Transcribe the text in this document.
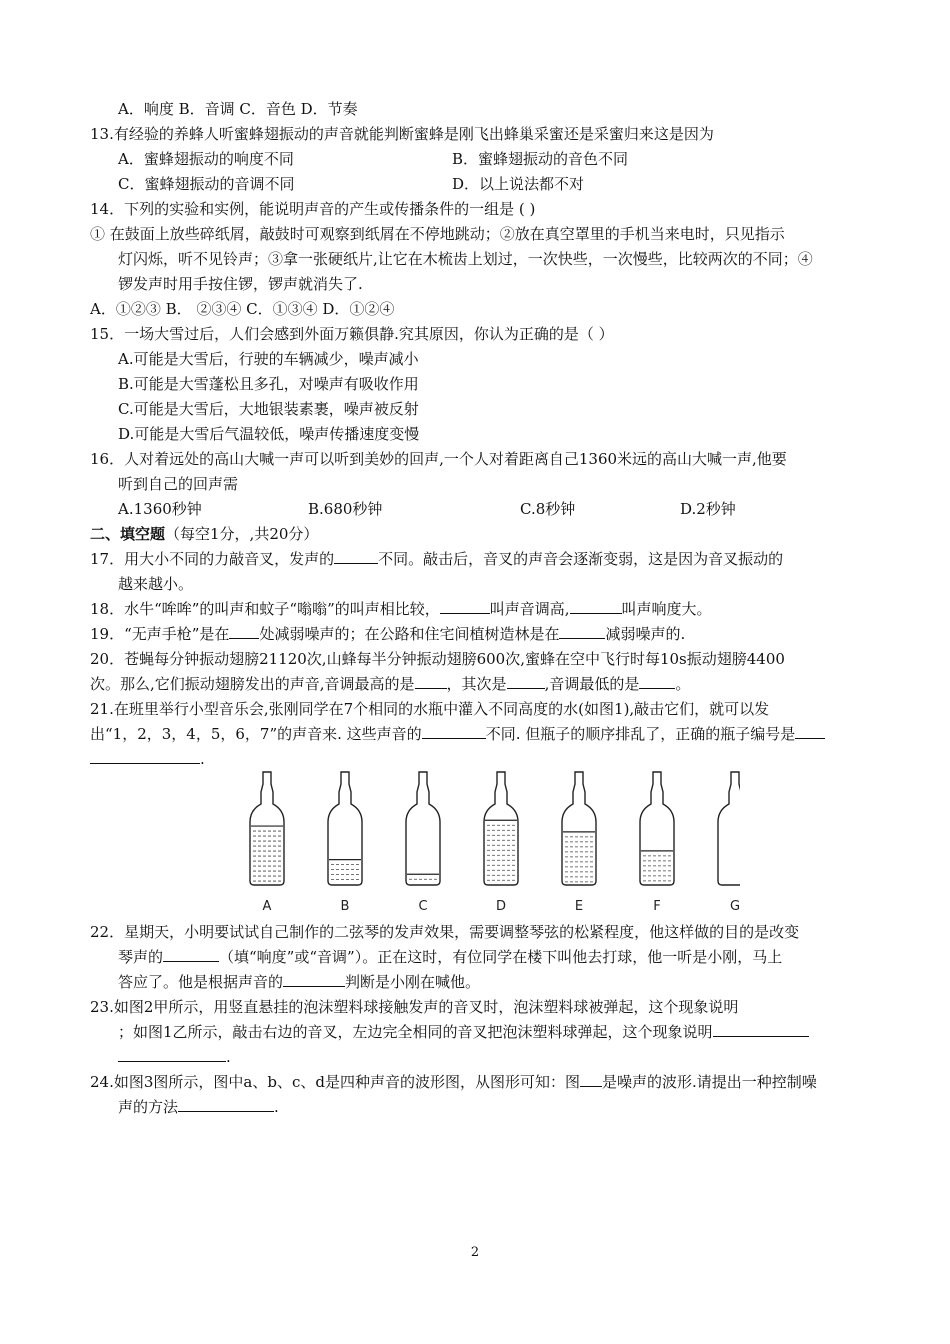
A．响度 B．音调 C．音色 D．节奏
13.有经验的养蜂人听蜜蜂翅振动的声音就能判断蜜蜂是刚飞出蜂巢采蜜还是采蜜归来这是因为
A．蜜蜂翅振动的响度不同	B．蜜蜂翅振动的音色不同
C．蜜蜂翅振动的音调不同	D．以上说法都不对
14．下列的实验和实例，能说明声音的产生或传播条件的一组是 ( )
① 在鼓面上放些碎纸屑，敲鼓时可观察到纸屑在不停地跳动；②放在真空罩里的手机当来电时，只见指示
灯闪烁，听不见铃声；③拿一张硬纸片,让它在木梳齿上划过，一次快些，一次慢些，比较两次的不同；④
锣发声时用手按住锣，锣声就消失了.
A．①②③ B． ②③④ C．①③④ D．①②④
15．一场大雪过后，人们会感到外面万籁俱静.究其原因，你认为正确的是（ ）
A.可能是大雪后，行驶的车辆减少，噪声减小
B.可能是大雪蓬松且多孔，对噪声有吸收作用
C.可能是大雪后，大地银装素裹，噪声被反射
D.可能是大雪后气温较低，噪声传播速度变慢
16．人对着远处的高山大喊一声可以听到美妙的回声,一个人对着距离自己1360米远的高山大喊一声,他要
听到自己的回声需
A.1360秒钟	B.680秒钟	C.8秒钟	D.2秒钟
二、填空题（每空1分，,共20分）
17．用大小不同的力敲音叉，发声的	不同。敲击后，音叉的声音会逐渐变弱，这是因为音叉振动的
越来越小。
18．水牛“哞哞”的叫声和蚊子“嗡嗡”的叫声相比较，	叫声音调高,	叫声响度大。
19．“无声手枪”是在 处减弱噪声的；在公路和住宅间植树造林是在	减弱噪声的.
20．苍蝇每分钟振动翅膀21120次,山蜂每半分钟振动翅膀600次,蜜蜂在空中飞行时每10s振动翅膀4400
次。那么,它们振动翅膀发出的声音,音调最高的是 ，其次是	,音调最低的是 。
21.在班里举行小型音乐会,张刚同学在7个相同的水瓶中灌入不同高度的水(如图1),敲击它们，就可以发
出“1，2，3，4，5，6，7”的声音来. 这些声音的	不同. 但瓶子的顺序排乱了，正确的瓶子编号是
.
A	B	C	D	E	F	G
22．星期天，小明要试试自己制作的二弦琴的发声效果，需要调整琴弦的松紧程度，他这样做的目的是改变
琴声的	（填“响度”或“音调”）。正在这时，有位同学在楼下叫他去打球，他一听是小刚，马上
答应了。他是根据声音的	判断是小刚在喊他。
23.如图2甲所示，用竖直悬挂的泡沫塑料球接触发声的音叉时，泡沫塑料球被弹起，这个现象说明
；如图1乙所示，敲击右边的音叉，左边完全相同的音叉把泡沫塑料球弹起，这个现象说明
.
24.如图3图所示，图中a、b、c、d是四种声音的波形图，从图形可知：图 是噪声的波形.请提出一种控制噪
声的方法	.
2
